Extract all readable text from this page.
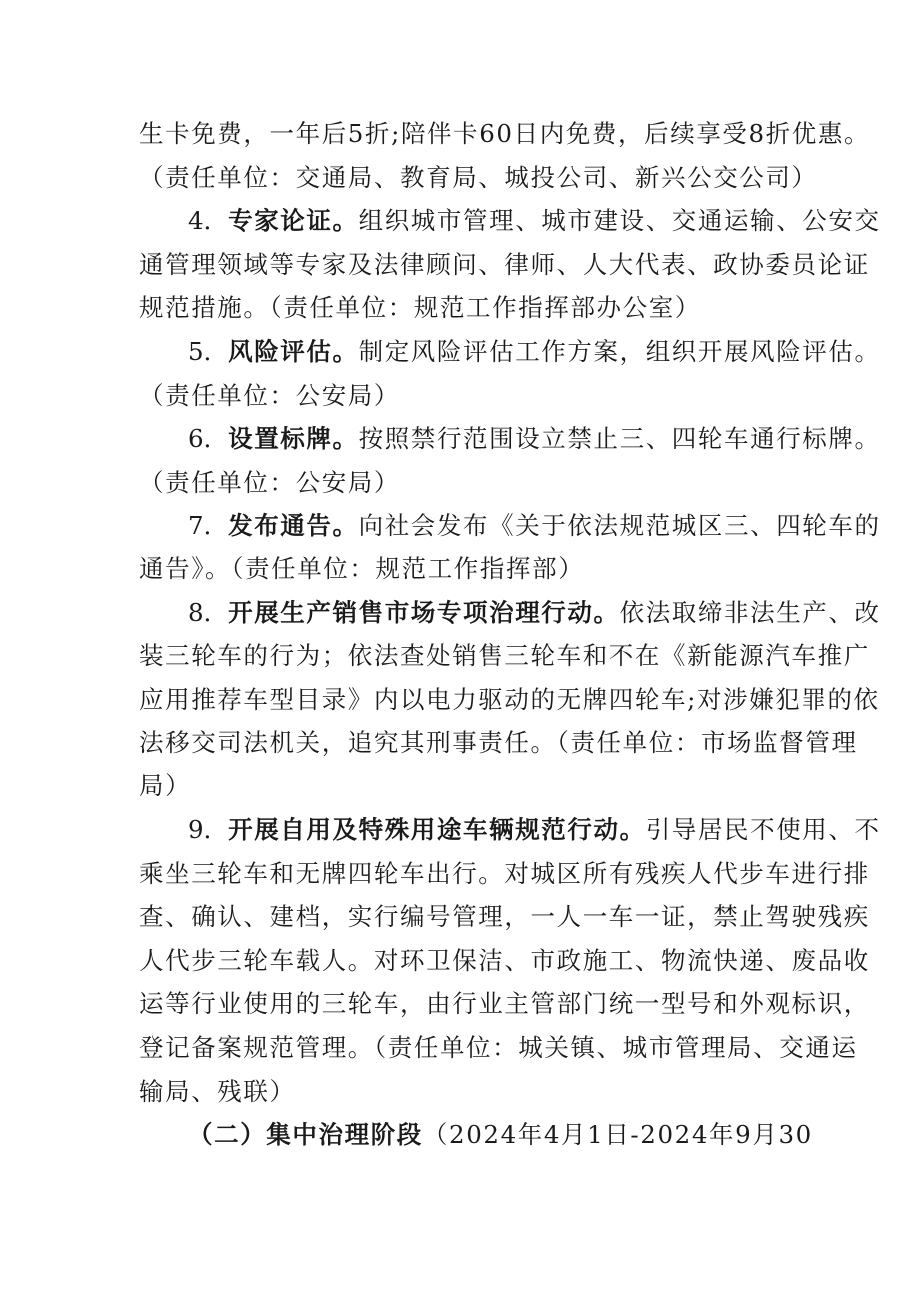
生卡免费，一年后5折;陪伴卡60日内免费，后续享受8折优惠。
（责任单位：交通局、教育局、城投公司、新兴公交公司）
4．专家论证。组织城市管理、城市建设、交通运输、公安交
通管理领域等专家及法律顾问、律师、人大代表、政协委员论证
规范措施。（责任单位：规范工作指挥部办公室）
5．风险评估。制定风险评估工作方案，组织开展风险评估。
（责任单位：公安局）
6．设置标牌。按照禁行范围设立禁止三、四轮车通行标牌。
（责任单位：公安局）
7．发布通告。向社会发布《关于依法规范城区三、四轮车的
通告》。（责任单位：规范工作指挥部）
8．开展生产销售市场专项治理行动。依法取缔非法生产、改
装三轮车的行为；依法查处销售三轮车和不在《新能源汽车推广
应用推荐车型目录》内以电力驱动的无牌四轮车;对涉嫌犯罪的依
法移交司法机关，追究其刑事责任。（责任单位：市场监督管理
局）
9．开展自用及特殊用途车辆规范行动。引导居民不使用、不
乘坐三轮车和无牌四轮车出行。对城区所有残疾人代步车进行排
查、确认、建档，实行编号管理，一人一车一证，禁止驾驶残疾
人代步三轮车载人。对环卫保洁、市政施工、物流快递、废品收
运等行业使用的三轮车，由行业主管部门统一型号和外观标识，
登记备案规范管理。（责任单位：城关镇、城市管理局、交通运
输局、残联）
（二）集中治理阶段（2024年4月1日-2024年9月30
